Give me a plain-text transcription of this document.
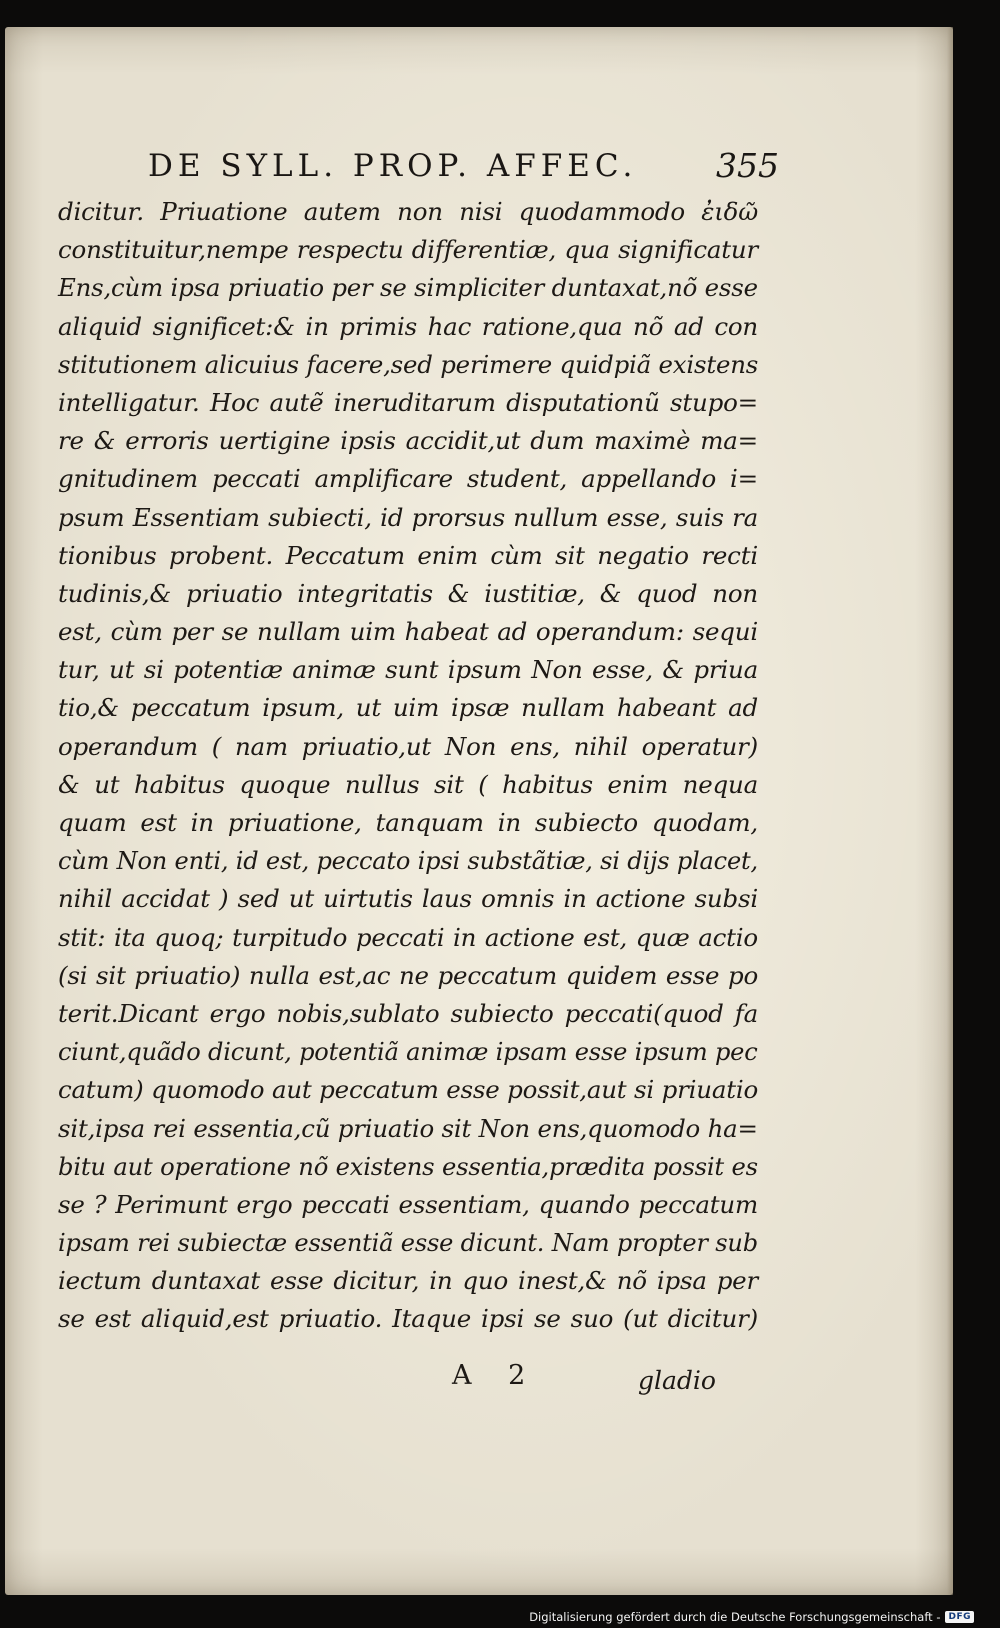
DE SYLL. PROP. AFFEC. 355
dicitur. Priuatione autem non nisi quodammodo ἐιδῶ
constituitur,nempe respectu differentiæ, qua significatur
Ens,cùm ipsa priuatio per se simpliciter duntaxat,nõ esse
aliquid significet:& in primis hac ratione,qua nõ ad con
stitutionem alicuius facere,sed perimere quidpiã existens
intelligatur. Hoc autẽ ineruditarum disputationũ stupo=
re & erroris uertigine ipsis accidit,ut dum maximè ma=
gnitudinem peccati amplificare student, appellando i=
psum Essentiam subiecti, id prorsus nullum esse, suis ra
tionibus probent. Peccatum enim cùm sit negatio recti
tudinis,& priuatio integritatis & iustitiæ, & quod non
est, cùm per se nullam uim habeat ad operandum: sequi
tur, ut si potentiæ animæ sunt ipsum Non esse, & priua
tio,& peccatum ipsum, ut uim ipsæ nullam habeant ad
operandum ( nam priuatio,ut Non ens, nihil operatur)
& ut habitus quoque nullus sit ( habitus enim nequa
quam est in priuatione, tanquam in subiecto quodam,
cùm Non enti, id est, peccato ipsi substãtiæ, si dijs placet,
nihil accidat ) sed ut uirtutis laus omnis in actione subsi
stit: ita quoq; turpitudo peccati in actione est, quæ actio
(si sit priuatio) nulla est,ac ne peccatum quidem esse po
terit.Dicant ergo nobis,sublato subiecto peccati(quod fa
ciunt,quãdo dicunt, potentiã animæ ipsam esse ipsum pec
catum) quomodo aut peccatum esse possit,aut si priuatio
sit,ipsa rei essentia,cũ priuatio sit Non ens,quomodo ha=
bitu aut operatione nõ existens essentia,prædita possit es
se ? Perimunt ergo peccati essentiam, quando peccatum
ipsam rei subiectæ essentiã esse dicunt. Nam propter sub
iectum duntaxat esse dicitur, in quo inest,& nõ ipsa per
se est aliquid,est priuatio. Itaque ipsi se suo (ut dicitur)
A 2	gladio
Digitalisierung gefördert durch die Deutsche Forschungsgemeinschaft - DFG
